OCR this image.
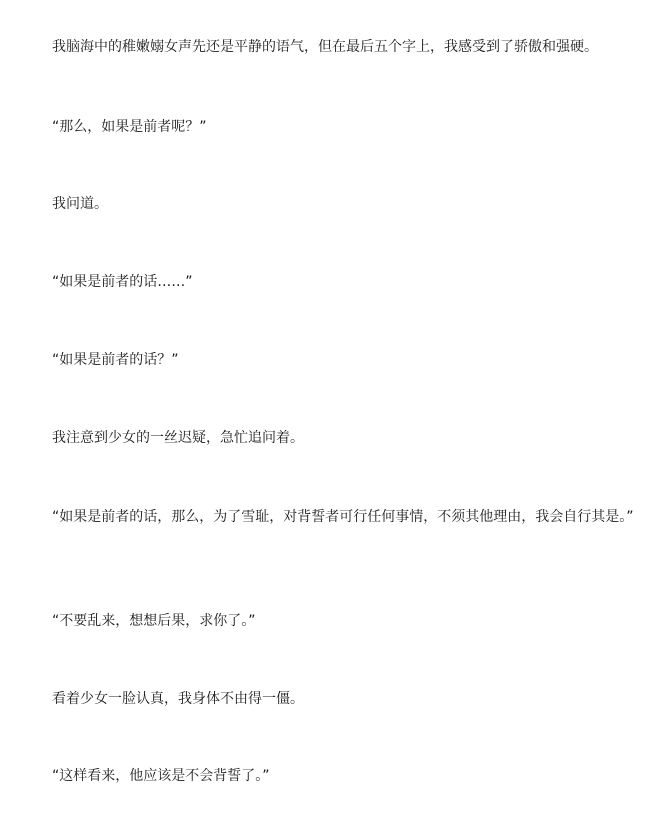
我脑海中的稚嫩嫋女声先还是平静的语气，但在最后五个字上，我感受到了骄傲和强硬。

“那么，如果是前者呢？”

我问道。

“如果是前者的话……”

“如果是前者的话？”

我注意到少女的一丝迟疑，急忙追问着。

“如果是前者的话，那么，为了雪耻，对背誓者可行任何事情，不须其他理由，我会自行其是。”

“不要乱来，想想后果，求你了。”

看着少女一脸认真，我身体不由得一僵。

“这样看来，他应该是不会背誓了。”
